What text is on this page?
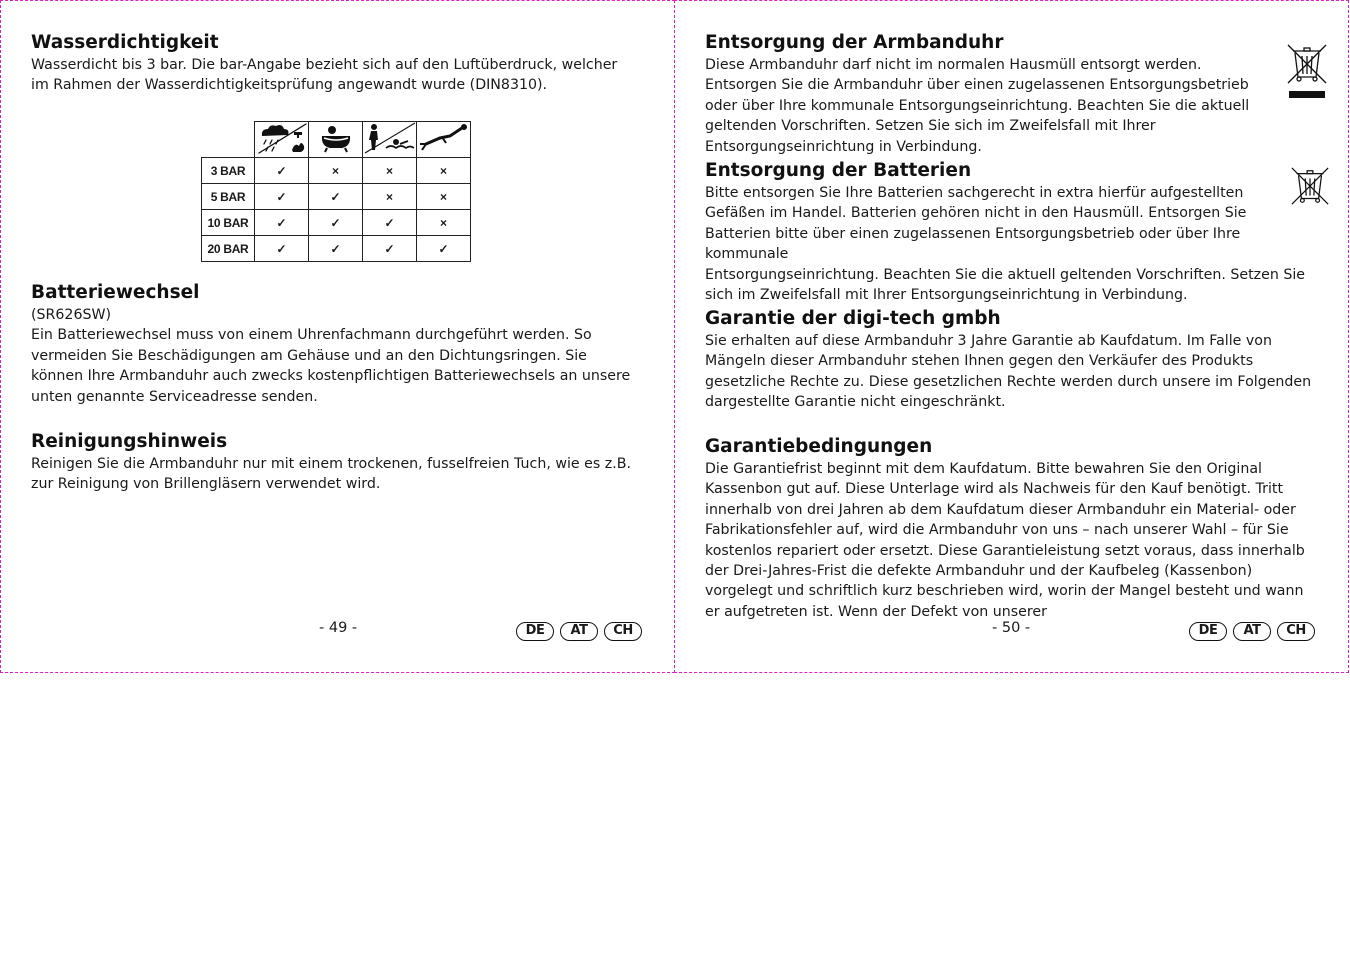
Wasserdichtigkeit

Wasserdicht bis 3 bar. Die bar-Angabe bezieht sich auf den Luftüberdruck, welcher im Rahmen der Wasserdichtigkeitsprüfung angewandt wurde (DIN8310).

3 BAR	✓	×	×	×
5 BAR	✓	✓	×	×
10 BAR	✓	✓	✓	×
20 BAR	✓	✓	✓	✓
Batteriewechsel

(SR626SW)

Ein Batteriewechsel muss von einem Uhrenfachmann durchgeführt werden. So vermeiden Sie Beschädigungen am Gehäuse und an den Dichtungsringen. Sie können Ihre Armbanduhr auch zwecks kostenpflichtigen Batteriewechsels an unsere unten genannte Serviceadresse senden.

Reinigungshinweis

Reinigen Sie die Armbanduhr nur mit einem trockenen, fusselfreien Tuch, wie es z.B. zur Reinigung von Brillengläsern verwendet wird.

- 49 -	DE	AT	CH
Entsorgung der Armbanduhr

Diese Armbanduhr darf nicht im normalen Hausmüll entsorgt werden. Entsorgen Sie die Armbanduhr über einen zugelassenen Entsorgungsbetrieb oder über Ihre kommunale Entsorgungseinrichtung. Beachten Sie die aktuell geltenden Vorschriften. Setzen Sie sich im Zweifelsfall mit Ihrer Entsorgungseinrichtung in Verbindung.

Entsorgung der Batterien

Bitte entsorgen Sie Ihre Batterien sachgerecht in extra hierfür aufgestellten Gefäßen im Handel. Batterien gehören nicht in den Hausmüll. Entsorgen Sie Batterien bitte über einen zugelassenen Entsorgungsbetrieb oder über Ihre kommunale

Entsorgungseinrichtung. Beachten Sie die aktuell geltenden Vorschriften. Setzen Sie sich im Zweifelsfall mit Ihrer Entsorgungseinrichtung in Verbindung.

Garantie der digi-tech gmbh

Sie erhalten auf diese Armbanduhr 3 Jahre Garantie ab Kaufdatum. Im Falle von Mängeln dieser Armbanduhr stehen Ihnen gegen den Verkäufer des Produkts gesetzliche Rechte zu. Diese gesetzlichen Rechte werden durch unsere im Folgenden dargestellte Garantie nicht eingeschränkt.

Garantiebedingungen

Die Garantiefrist beginnt mit dem Kaufdatum. Bitte bewahren Sie den Original Kassenbon gut auf. Diese Unterlage wird als Nachweis für den Kauf benötigt. Tritt innerhalb von drei Jahren ab dem Kaufdatum dieser Armbanduhr ein Material- oder Fabrikationsfehler auf, wird die Armbanduhr von uns – nach unserer Wahl – für Sie kostenlos repariert oder ersetzt. Diese Garantieleistung setzt voraus, dass innerhalb der Drei-Jahres-Frist die defekte Armbanduhr und der Kaufbeleg (Kassenbon) vorgelegt und schriftlich kurz beschrieben wird, worin der Mangel besteht und wann er aufgetreten ist. Wenn der Defekt von unserer

- 50 -	DE	AT	CH
